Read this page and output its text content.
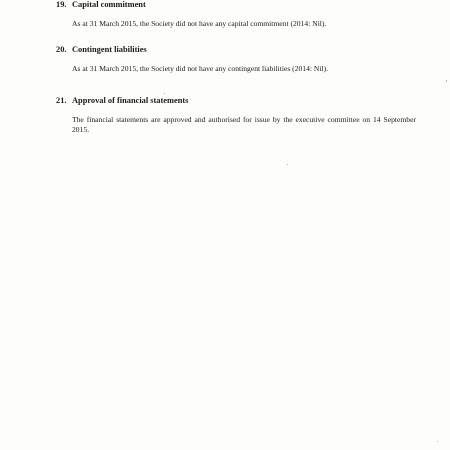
19. Capital commitment
As at 31 March 2015, the Society did not have any capital commitment (2014: Nil).
20. Contingent liabilities
As at 31 March 2015, the Society did not have any contingent liabilities (2014: Nil).
21. Approval of financial statements
The financial statements are approved and authorised for issue by the executive committee on 14 September 2015.
